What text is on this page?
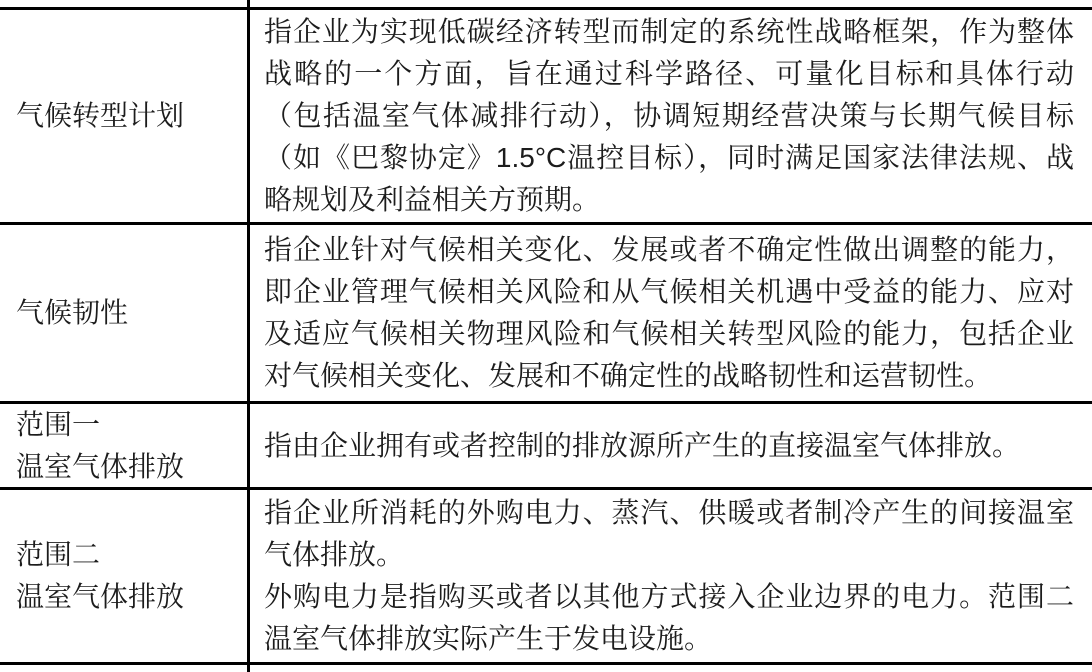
气候转型计划

指企业为实现低碳经济转型而制定的系统性战略框架，作为整体战略的一个方面，旨在通过科学路径、可量化目标和具体行动（包括温室气体减排行动），协调短期经营决策与长期气候目标（如《巴黎协定》1.5°C温控目标），同时满足国家法律法规、战略规划及利益相关方预期。

气候韧性

指企业针对气候相关变化、发展或者不确定性做出调整的能力，即企业管理气候相关风险和从气候相关机遇中受益的能力、应对及适应气候相关物理风险和气候相关转型风险的能力，包括企业对气候相关变化、发展和不确定性的战略韧性和运营韧性。

范围一
温室气体排放

指由企业拥有或者控制的排放源所产生的直接温室气体排放。

范围二
温室气体排放

指企业所消耗的外购电力、蒸汽、供暖或者制冷产生的间接温室气体排放。

外购电力是指购买或者以其他方式接入企业边界的电力。范围二温室气体排放实际产生于发电设施。
